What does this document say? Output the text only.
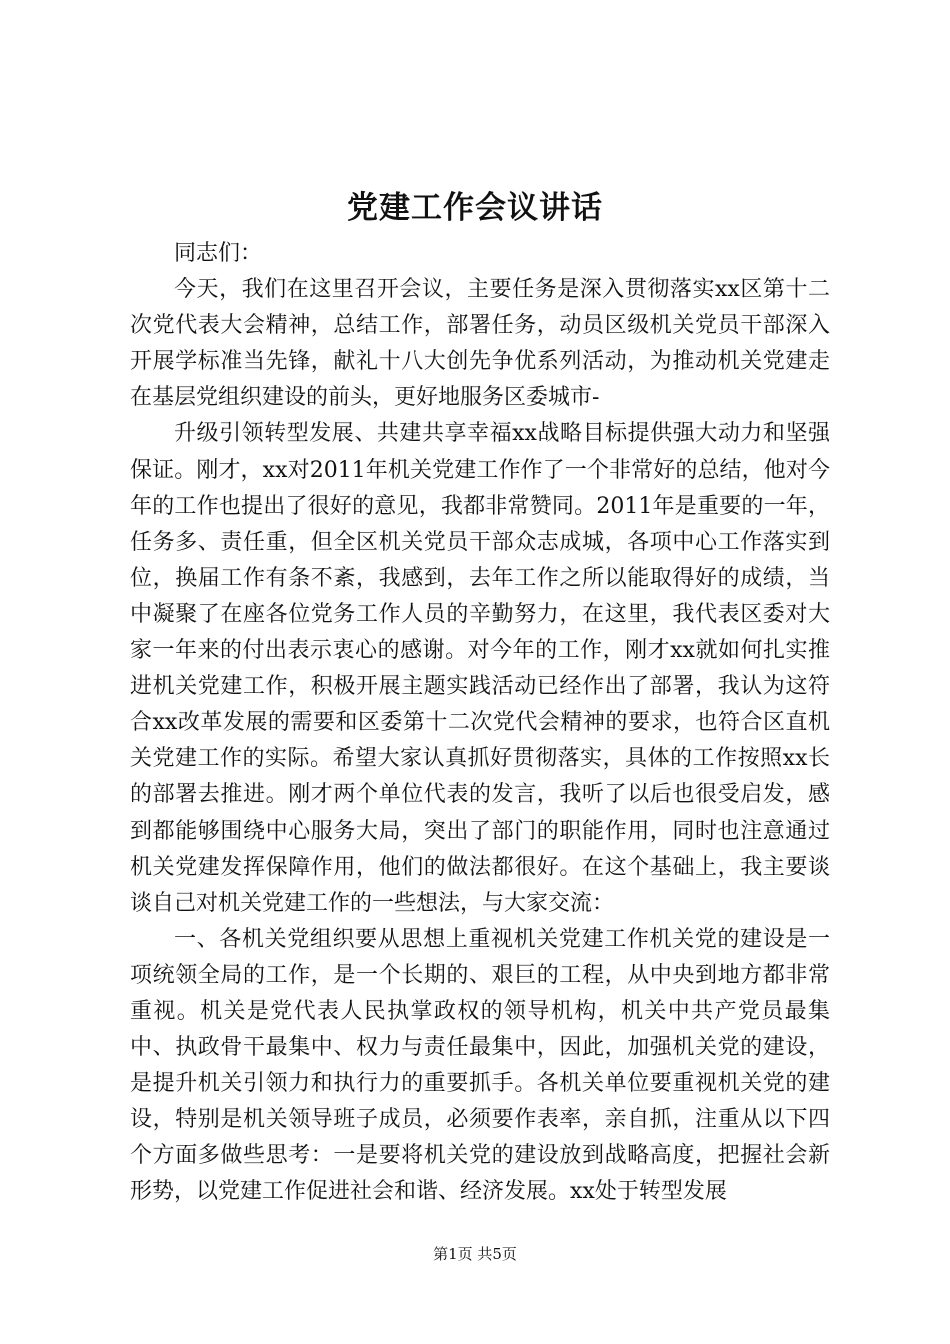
党建工作会议讲话

同志们：

今天，我们在这里召开会议，主要任务是深入贯彻落实xx区第十二次党代表大会精神，总结工作，部署任务，动员区级机关党员干部深入开展学标准当先锋，献礼十八大创先争优系列活动，为推动机关党建走在基层党组织建设的前头，更好地服务区委城市-

升级引领转型发展、共建共享幸福xx战略目标提供强大动力和坚强保证。刚才，xx对2011年机关党建工作作了一个非常好的总结，他对今年的工作也提出了很好的意见，我都非常赞同。2011年是重要的一年，任务多、责任重，但全区机关党员干部众志成城，各项中心工作落实到位，换届工作有条不紊，我感到，去年工作之所以能取得好的成绩，当中凝聚了在座各位党务工作人员的辛勤努力，在这里，我代表区委对大家一年来的付出表示衷心的感谢。对今年的工作，刚才xx就如何扎实推进机关党建工作，积极开展主题实践活动已经作出了部署，我认为这符合xx改革发展的需要和区委第十二次党代会精神的要求，也符合区直机关党建工作的实际。希望大家认真抓好贯彻落实，具体的工作按照xx长的部署去推进。刚才两个单位代表的发言，我听了以后也很受启发，感到都能够围绕中心服务大局，突出了部门的职能作用，同时也注意通过机关党建发挥保障作用，他们的做法都很好。在这个基础上，我主要谈谈自己对机关党建工作的一些想法，与大家交流：

一、各机关党组织要从思想上重视机关党建工作机关党的建设是一项统领全局的工作，是一个长期的、艰巨的工程，从中央到地方都非常重视。机关是党代表人民执掌政权的领导机构，机关中共产党员最集中、执政骨干最集中、权力与责任最集中，因此，加强机关党的建设，是提升机关引领力和执行力的重要抓手。各机关单位要重视机关党的建设，特别是机关领导班子成员，必须要作表率，亲自抓，注重从以下四个方面多做些思考：一是要将机关党的建设放到战略高度，把握社会新形势，以党建工作促进社会和谐、经济发展。xx处于转型发展

第1页 共5页
